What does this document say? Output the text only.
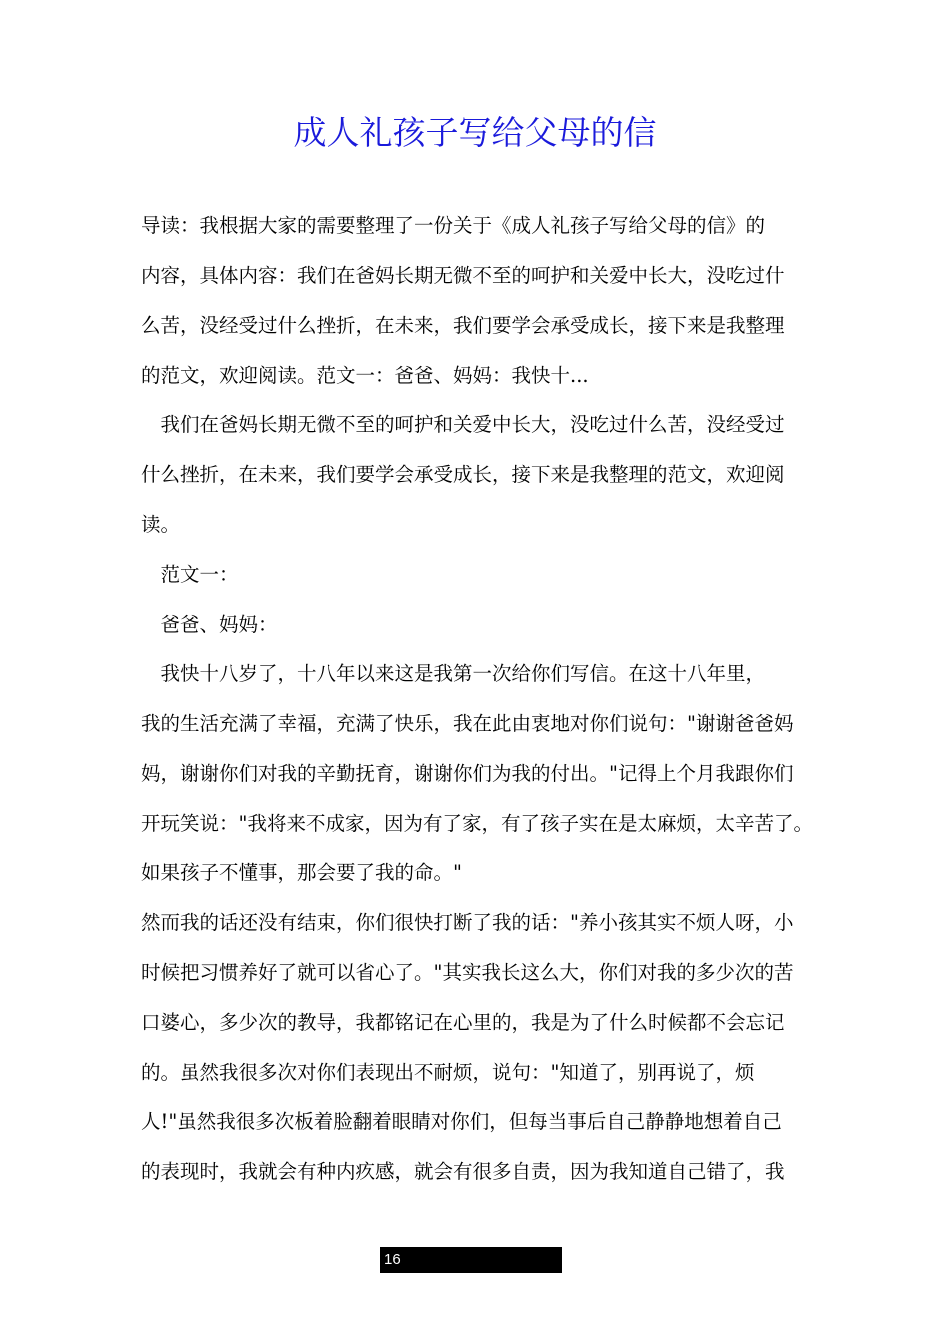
成人礼孩子写给父母的信
导读：我根据大家的需要整理了一份关于《成人礼孩子写给父母的信》的
内容，具体内容：我们在爸妈长期无微不至的呵护和关爱中长大，没吃过什
么苦，没经受过什么挫折，在未来，我们要学会承受成长，接下来是我整理
的范文，欢迎阅读。范文一：爸爸、妈妈：我快十...
　我们在爸妈长期无微不至的呵护和关爱中长大，没吃过什么苦，没经受过
什么挫折，在未来，我们要学会承受成长，接下来是我整理的范文，欢迎阅
读。
　范文一：
　爸爸、妈妈：
　我快十八岁了，十八年以来这是我第一次给你们写信。在这十八年里，
我的生活充满了幸福，充满了快乐，我在此由衷地对你们说句："谢谢爸爸妈
妈，谢谢你们对我的辛勤抚育，谢谢你们为我的付出。"记得上个月我跟你们
开玩笑说："我将来不成家，因为有了家，有了孩子实在是太麻烦，太辛苦了。
如果孩子不懂事，那会要了我的命。"
然而我的话还没有结束，你们很快打断了我的话："养小孩其实不烦人呀，小
时候把习惯养好了就可以省心了。"其实我长这么大，你们对我的多少次的苦
口婆心，多少次的教导，我都铭记在心里的，我是为了什么时候都不会忘记
的。虽然我很多次对你们表现出不耐烦，说句："知道了，别再说了，烦
人!"虽然我很多次板着脸翻着眼睛对你们，但每当事后自己静静地想着自己
的表现时，我就会有种内疚感，就会有很多自责，因为我知道自己错了，我
16
